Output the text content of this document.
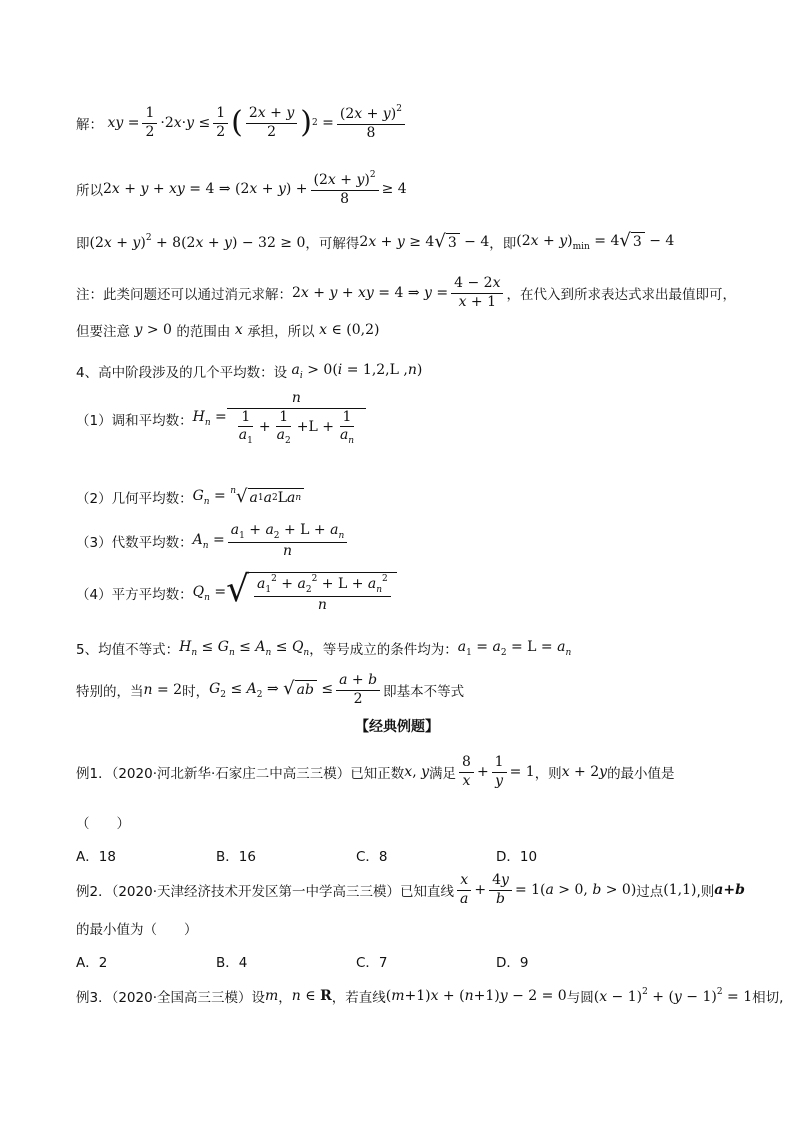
解： xy = $\frac{1}{2} \cdot 2x\cdot y \le \frac{1}{2}$ ( $\frac{2x + y}{2}$ ) $2 = \frac{(2x + y)^2}{8}$
所以 2x + y + xy = 4 ⇒ $(2x + y) + \frac{(2x + y)^2}{8} \ge 4$
即 $(2x + y)^2 + 8(2x + y) - 32 \ge 0$ ，可解得 2x + y ≥ 4 √ 3 − 4 ，即 $(2x + y)_{min} = 4$ √ 3 − 4
注：此类问题还可以通过消元求解： 2x + y + xy = 4 ⇒ $y = \frac{4 - 2x}{x + 1}$ ，在代入到所求表达式求出最值即可，
但要注意 y > 0 的范围由 x 承担，所以 x ∈ (0,2)
4、高中阶段涉及的几个平均数：设 $a_i > 0(i = 1,2,L$ ,n)
（1）调和平均数： $H_n = \frac{n}{\frac{1}{a_1} + \frac{1}{a_2} +L + \frac{1}{a_n}}$
（2）几何平均数： $G_n = ^n$ √ a 1 a 2 L a n
（3）代数平均数： $A_n = \frac{a_1 + a_2 + L + a_n}{n}$
（4）平方平均数： $Q_n$ = √ $\frac{a_1^2 + a_2^2 + L + a_n^2}{n}$
5、均值不等式： $H_n \le G_n \le A_n \le Q_n$ ，等号成立的条件均为： $a_1 = a_2 = L = a_n$
特别的，当 n = 2 时， $G_2 \le A_2$ ⇒ √ ab ≤ $\frac{a + b}{2}$ 即基本不等式
【经典例题】
例1．（2020·河北新华·石家庄二中高三三模）已知正数 x, y 满足 $\frac{8}{x} + \frac{1}{y} = 1$ ，则 x + 2y 的最小值是
（　　）
A．18	B．16	C．8	D．10
例2．（2020·天津经济技术开发区第一中学高三三模）已知直线 $\frac{x}{a} + \frac{4y}{b} = 1(a > 0$, b > 0) 过点 (1,1) ,则 a+b
的最小值为（　　）
A．2	B．4	C．7	D．9
例3．（2020·全国高三三模）设 m ， n ∈ R ，若直线 (m+1)x + (n+1)y − 2 = 0 与圆 $(x - 1)^2 + (y - 1)^2 = 1$ 相切,
